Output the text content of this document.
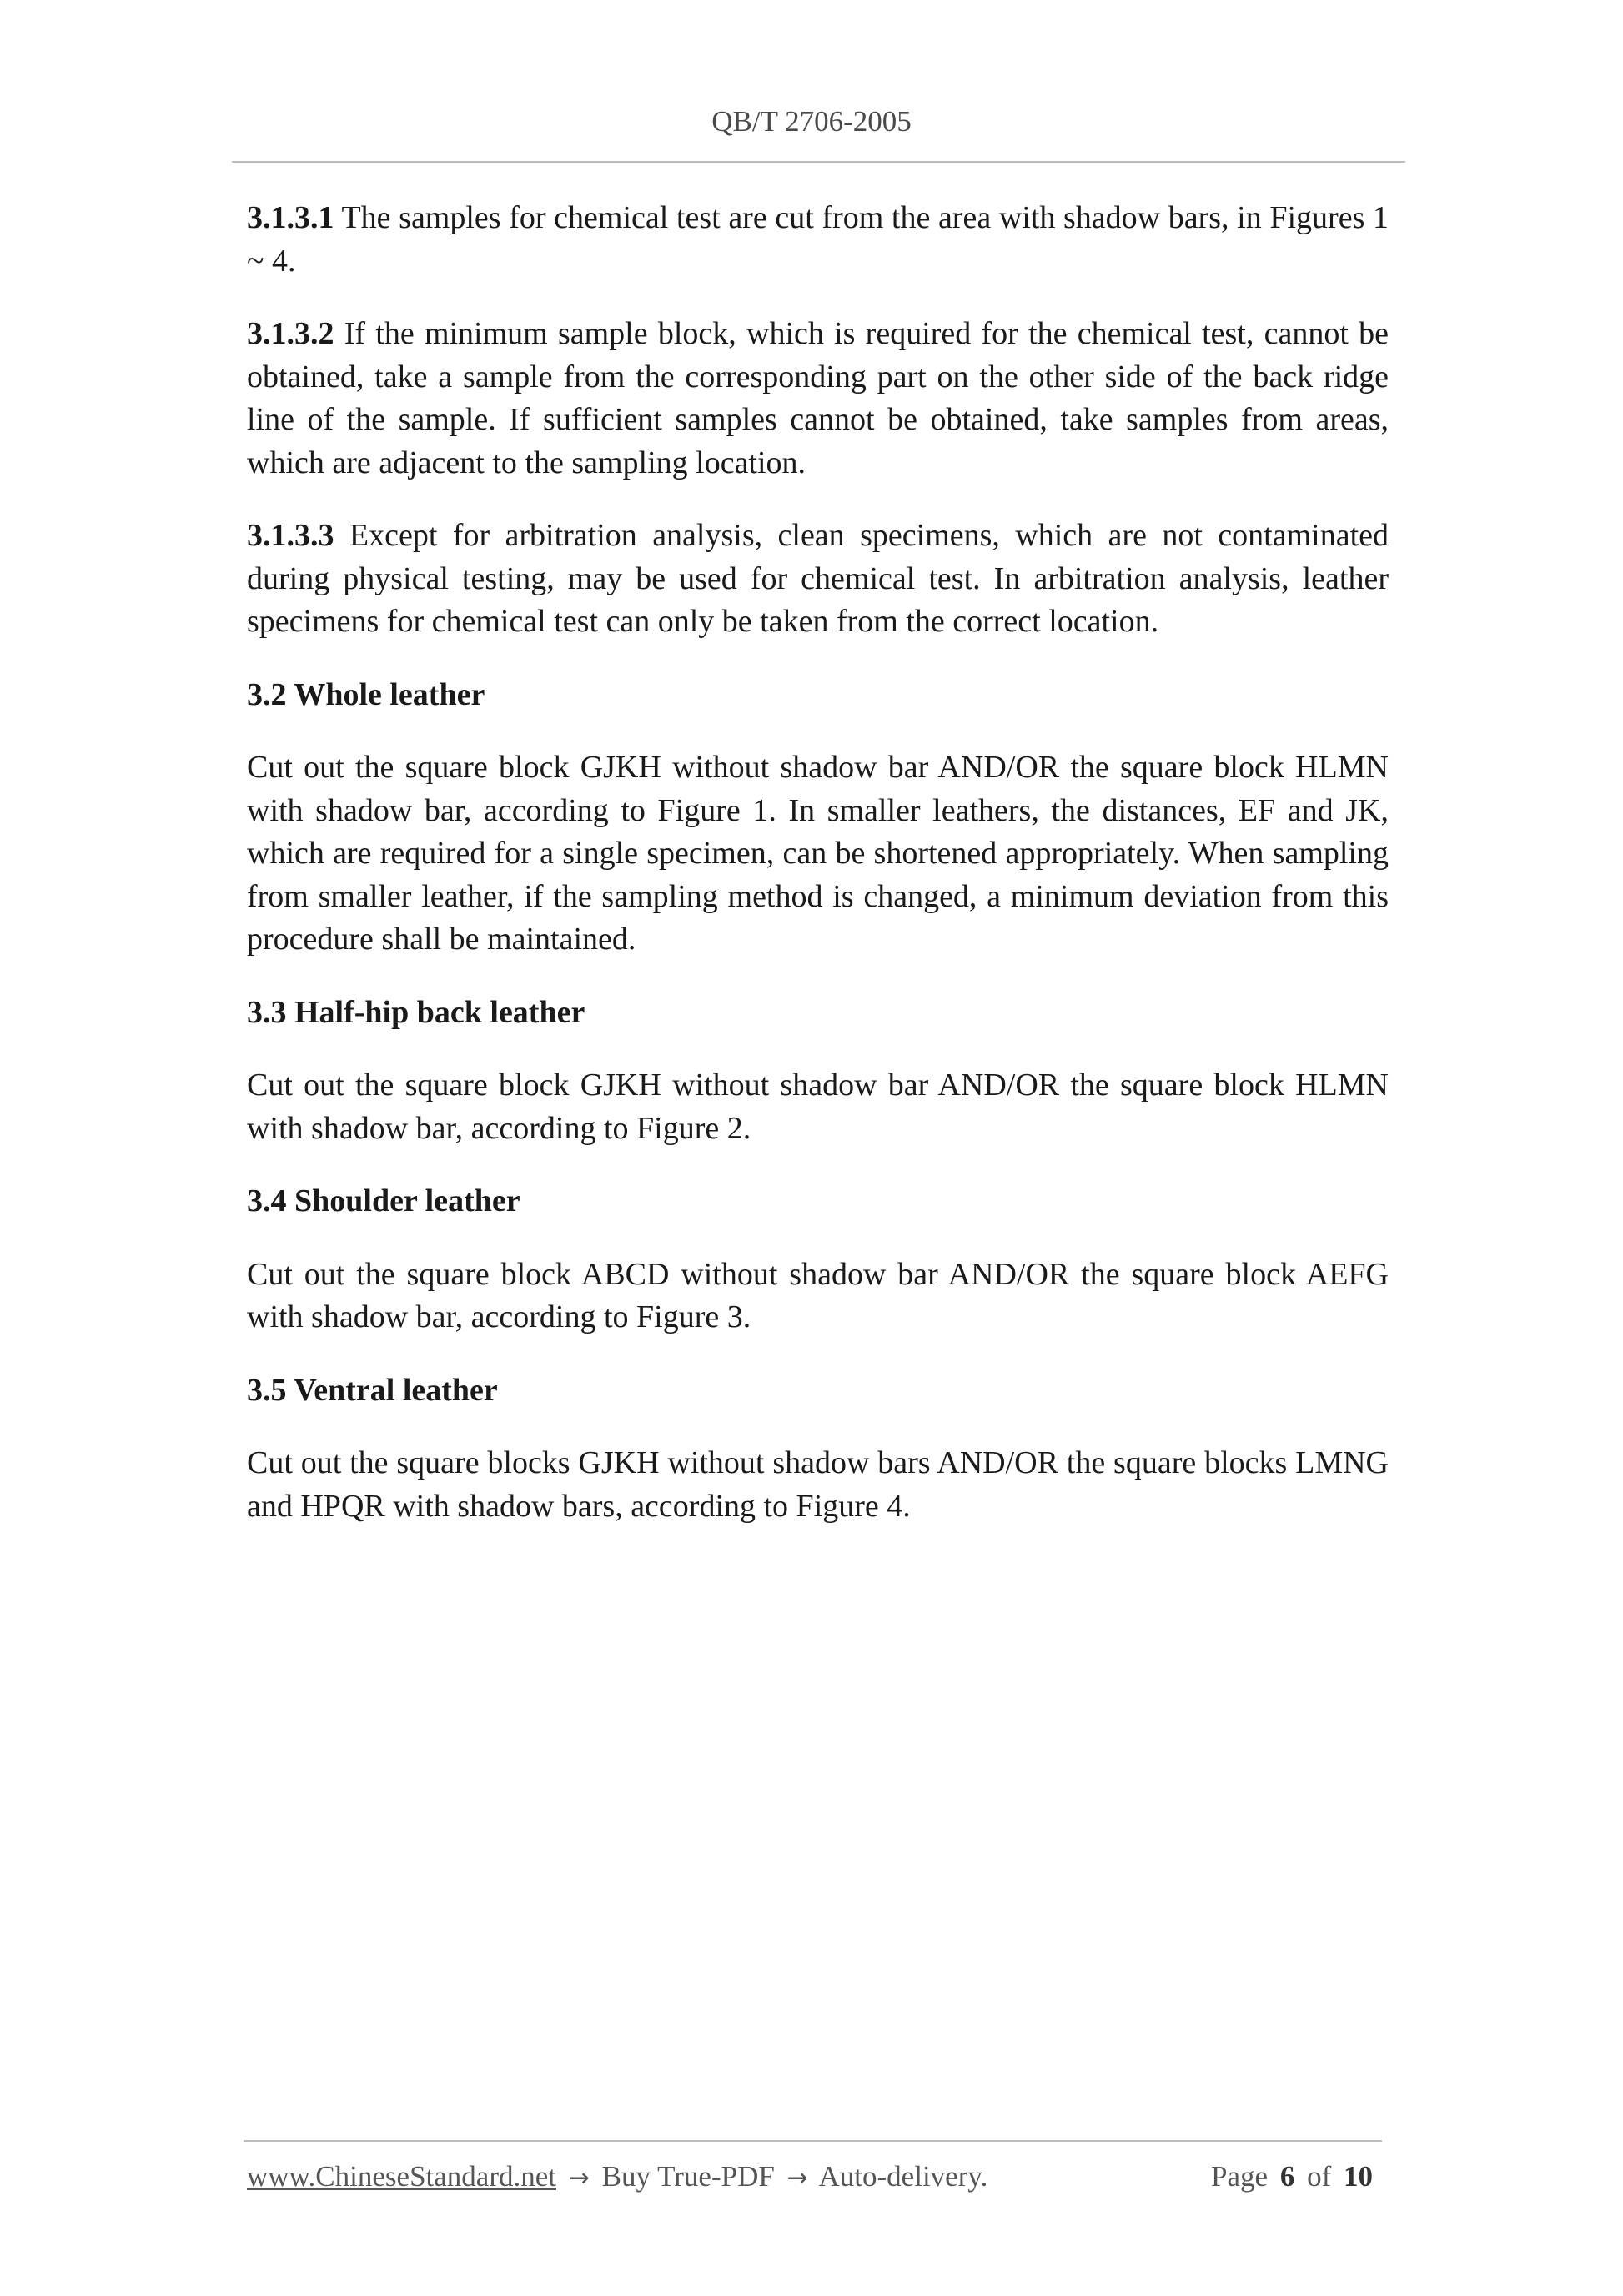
QB/T 2706-2005

3.1.3.1 The samples for chemical test are cut from the area with shadow bars, in Figures 1 ~ 4.

3.1.3.2 If the minimum sample block, which is required for the chemical test, cannot be obtained, take a sample from the corresponding part on the other side of the back ridge line of the sample. If sufficient samples cannot be obtained, take samples from areas, which are adjacent to the sampling location.

3.1.3.3 Except for arbitration analysis, clean specimens, which are not contaminated during physical testing, may be used for chemical test. In arbitration analysis, leather specimens for chemical test can only be taken from the correct location.

3.2 Whole leather

Cut out the square block GJKH without shadow bar AND/OR the square block HLMN with shadow bar, according to Figure 1. In smaller leathers, the distances, EF and JK, which are required for a single specimen, can be shortened appropriately. When sampling from smaller leather, if the sampling method is changed, a minimum deviation from this procedure shall be maintained.

3.3 Half-hip back leather

Cut out the square block GJKH without shadow bar AND/OR the square block HLMN with shadow bar, according to Figure 2.

3.4 Shoulder leather

Cut out the square block ABCD without shadow bar AND/OR the square block AEFG with shadow bar, according to Figure 3.

3.5 Ventral leather

Cut out the square blocks GJKH without shadow bars AND/OR the square blocks LMNG and HPQR with shadow bars, according to Figure 4.

www.ChineseStandard.net → Buy True-PDF → Auto-delivery.	Page 6 of 10
